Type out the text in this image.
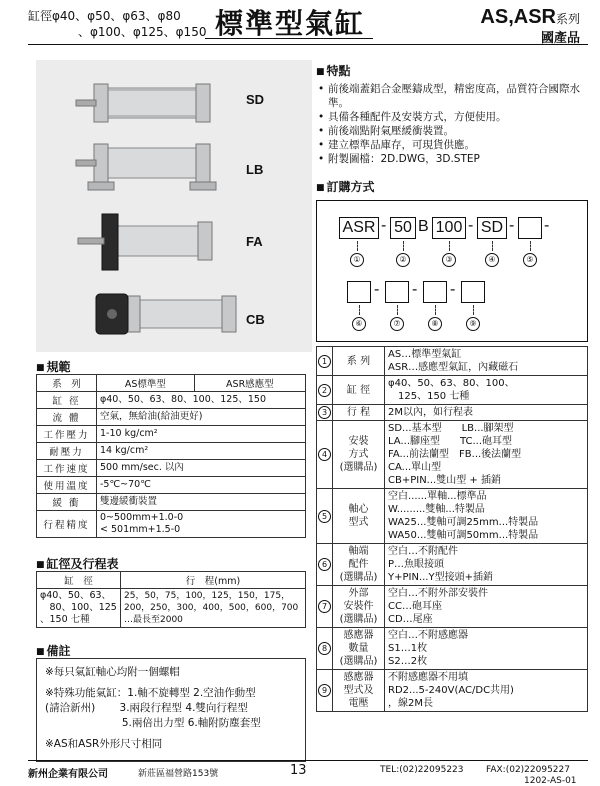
缸徑φ40、φ50、φ63、φ80
、φ100、φ125、φ150 標準型氣缸	AS,ASR系列
國產品
SD
LB
FA
CB
■ 特點
• 前後端蓋鋁合金壓鑄成型，精密度高，品質符合國際水準。
• 具備各種配件及安裝方式，方便使用。
• 前後端點附氣壓緩衝裝置。
• 建立標準品庫存，可現貨供應。
• 附製圖檔：2D.DWG，3D.STEP
■ 訂購方式
ASR - 50 B 100 - SD - -
①	②	③	④	⑤
- - -
⑥	⑦	⑧	⑨
1	系 列	AS…標準型氣缸
ASR…感應型氣缸，內藏磁石
2	缸 徑	φ40、50、63、80、100、
　125、150 七種
3	行 程	2M以內，如行程表
4	安裝
方式
(選購品)	SD...基本型　　LB...腳架型
LA...腳座型　　TC...砲耳型
FA...前法蘭型　FB...後法蘭型
CA...單山型
CB+PIN...雙山型 + 插銷
5	軸心
型式	空白......單軸...標準品
W.........雙軸...特製品
WA25...雙軸可調25mm...特製品
WA50...雙軸可調50mm...特製品
6	軸端
配件
(選購品)	空白…不附配件
P…魚眼接頭
Y+PIN...Y型接頭+插銷
7	外部
安裝件
(選購品)	空白…不附外部安裝件
CC…砲耳座
CD…尾座
8	感應器
數量
(選購品)	空白…不附感應器
S1…1枚
S2…2枚
9	感應器
型式及
電壓	不附感應器不用填
RD2...5-240V(AC/DC共用)
，線2M長
■ 規範
系　列	AS標準型	ASR感應型
缸 徑	φ40、50、63、80、100、125、150	
流 體	空氣，無給油(給油更好)	
工作壓力	1-10 kg/cm²	
耐壓力	14 kg/cm²	
工作速度	500 mm/sec. 以內	
使用溫度	-5℃~70℃	
緩 衝	雙邊緩衝裝置	
行程精度	0~500mm+1.0-0
< 501mm+1.5-0	
■ 缸徑及行程表
缸　徑	行　程(mm)
φ40、50、63、
　80、100、125
、150 七種	25，50，75，100，125，150，175，
200，250，300，400，500，600，700
…最長至2000
■ 備註
※每只氣缸軸心均附一個螺帽
※特殊功能氣缸：1.軸不旋轉型 2.空油作動型
(請洽新州)　　 3.兩段行程型 4.雙向行程型
　　　　　　　 5.兩倍出力型 6.軸附防塵套型
※AS和ASR外形尺寸相同
新州企業有限公司	新莊區福營路153號	13	TEL:(02)22095223 FAX:(02)22095227
1202-AS-01
